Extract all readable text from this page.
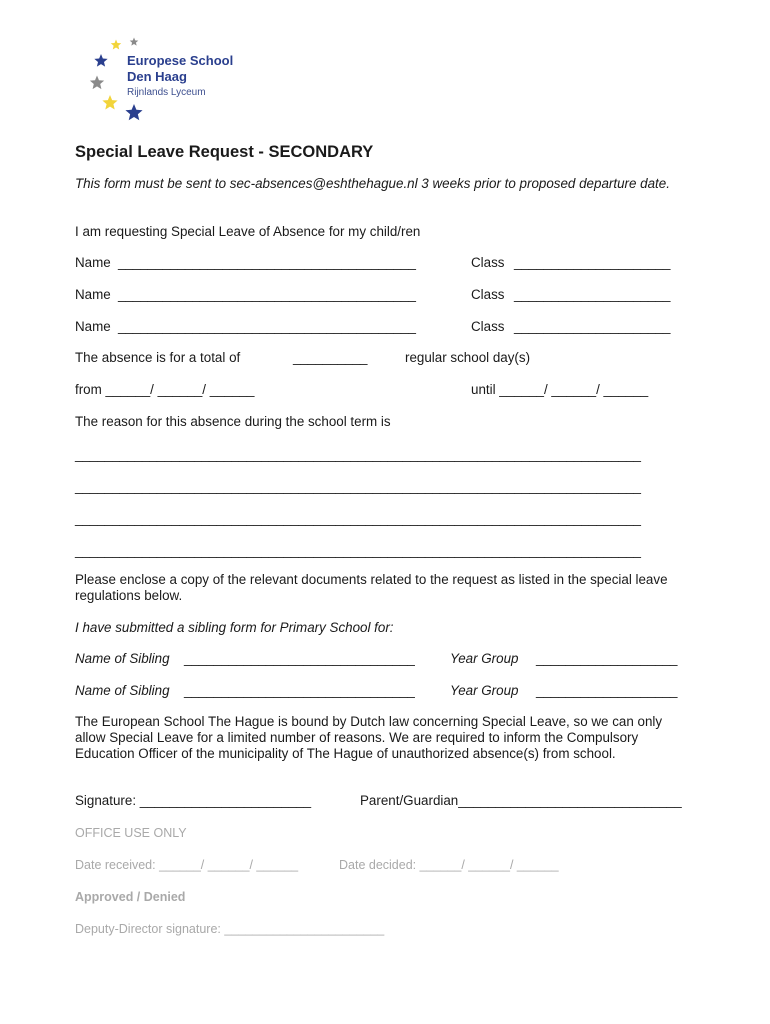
Europese School
Den Haag
Rijnlands Lyceum
Special Leave Request - SECONDARY
This form must be sent to sec-absences@eshthehague.nl 3 weeks prior to proposed departure date.
I am requesting Special Leave of Absence for my child/ren
Name ________________________________________	Class _____________________
Name ________________________________________	Class _____________________
Name ________________________________________	Class _____________________
The absence is for a total of	__________	regular school day(s)
from ______/ ______/ ______	until ______/ ______/ ______
The reason for this absence during the school term is
____________________________________________________________________________
____________________________________________________________________________
____________________________________________________________________________
____________________________________________________________________________
Please enclose a copy of the relevant documents related to the request as listed in the special leave regulations below.
I have submitted a sibling form for Primary School for:
Name of Sibling _______________________________	Year Group ___________________
Name of Sibling _______________________________	Year Group ___________________
The European School The Hague is bound by Dutch law concerning Special Leave, so we can only allow Special Leave for a limited number of reasons. We are required to inform the Compulsory Education Officer of the municipality of The Hague of unauthorized absence(s) from school.
Signature: _______________________	Parent/Guardian______________________________
OFFICE USE ONLY
Date received: ______/ ______/ ______	Date decided: ______/ ______/ ______
Approved / Denied
Deputy-Director signature: _______________________
